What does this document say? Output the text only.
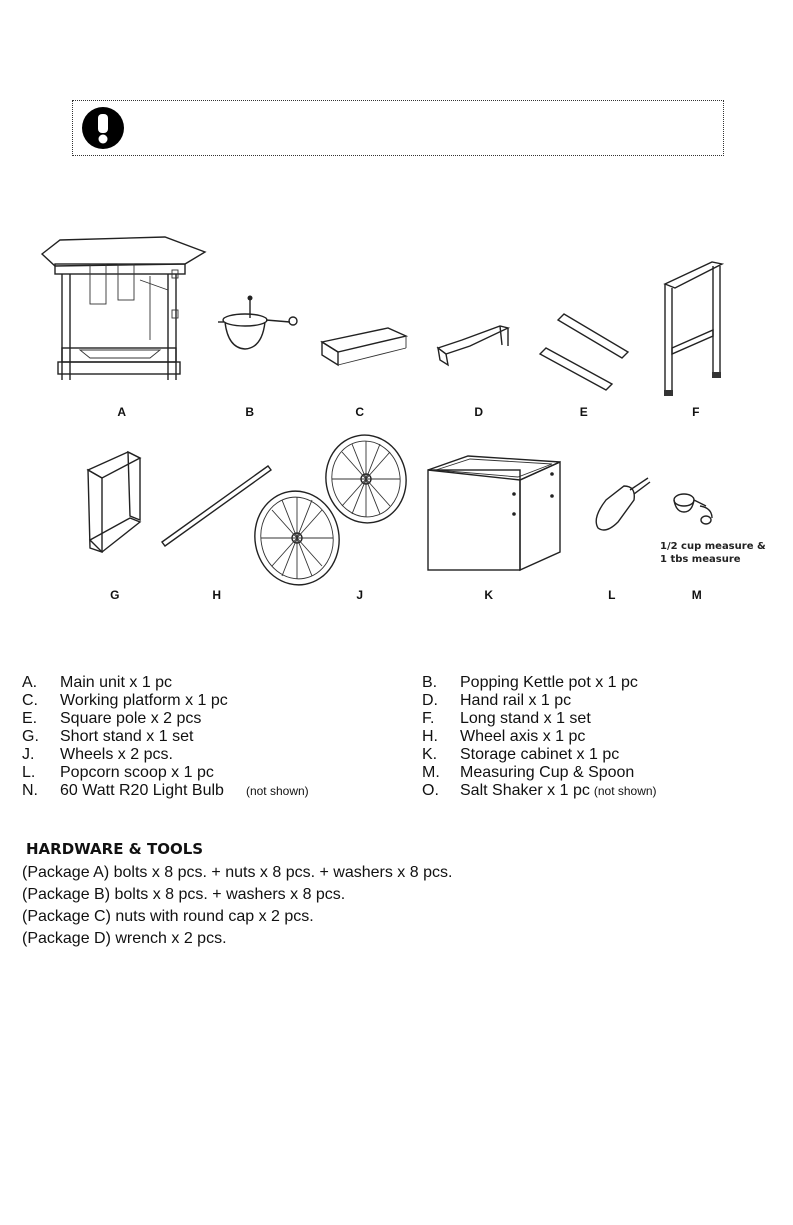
A	B	C	D	E	F
G	H	J	K	L	M
1/2 cup measure &
1 tbs measure
A. Main unit x 1 pc	B. Popping Kettle pot x 1 pc
C. Working platform x 1 pc	D. Hand rail x 1 pc
E. Square pole x 2 pcs	F. Long stand x 1 set
G. Short stand x 1 set	H. Wheel axis x 1 pc
J. Wheels x 2 pcs.	K. Storage cabinet x 1 pc
L. Popcorn scoop x 1 pc	M. Measuring Cup & Spoon
N. 60 Watt R20 Light Bulb (not shown)	O. Salt Shaker x 1 pc (not shown)
HARDWARE & TOOLS
(Package A) bolts x 8 pcs. + nuts x 8 pcs. + washers x 8 pcs.
(Package B) bolts x 8 pcs. + washers x 8 pcs.
(Package C) nuts with round cap x 2 pcs.
(Package D) wrench x 2 pcs.
